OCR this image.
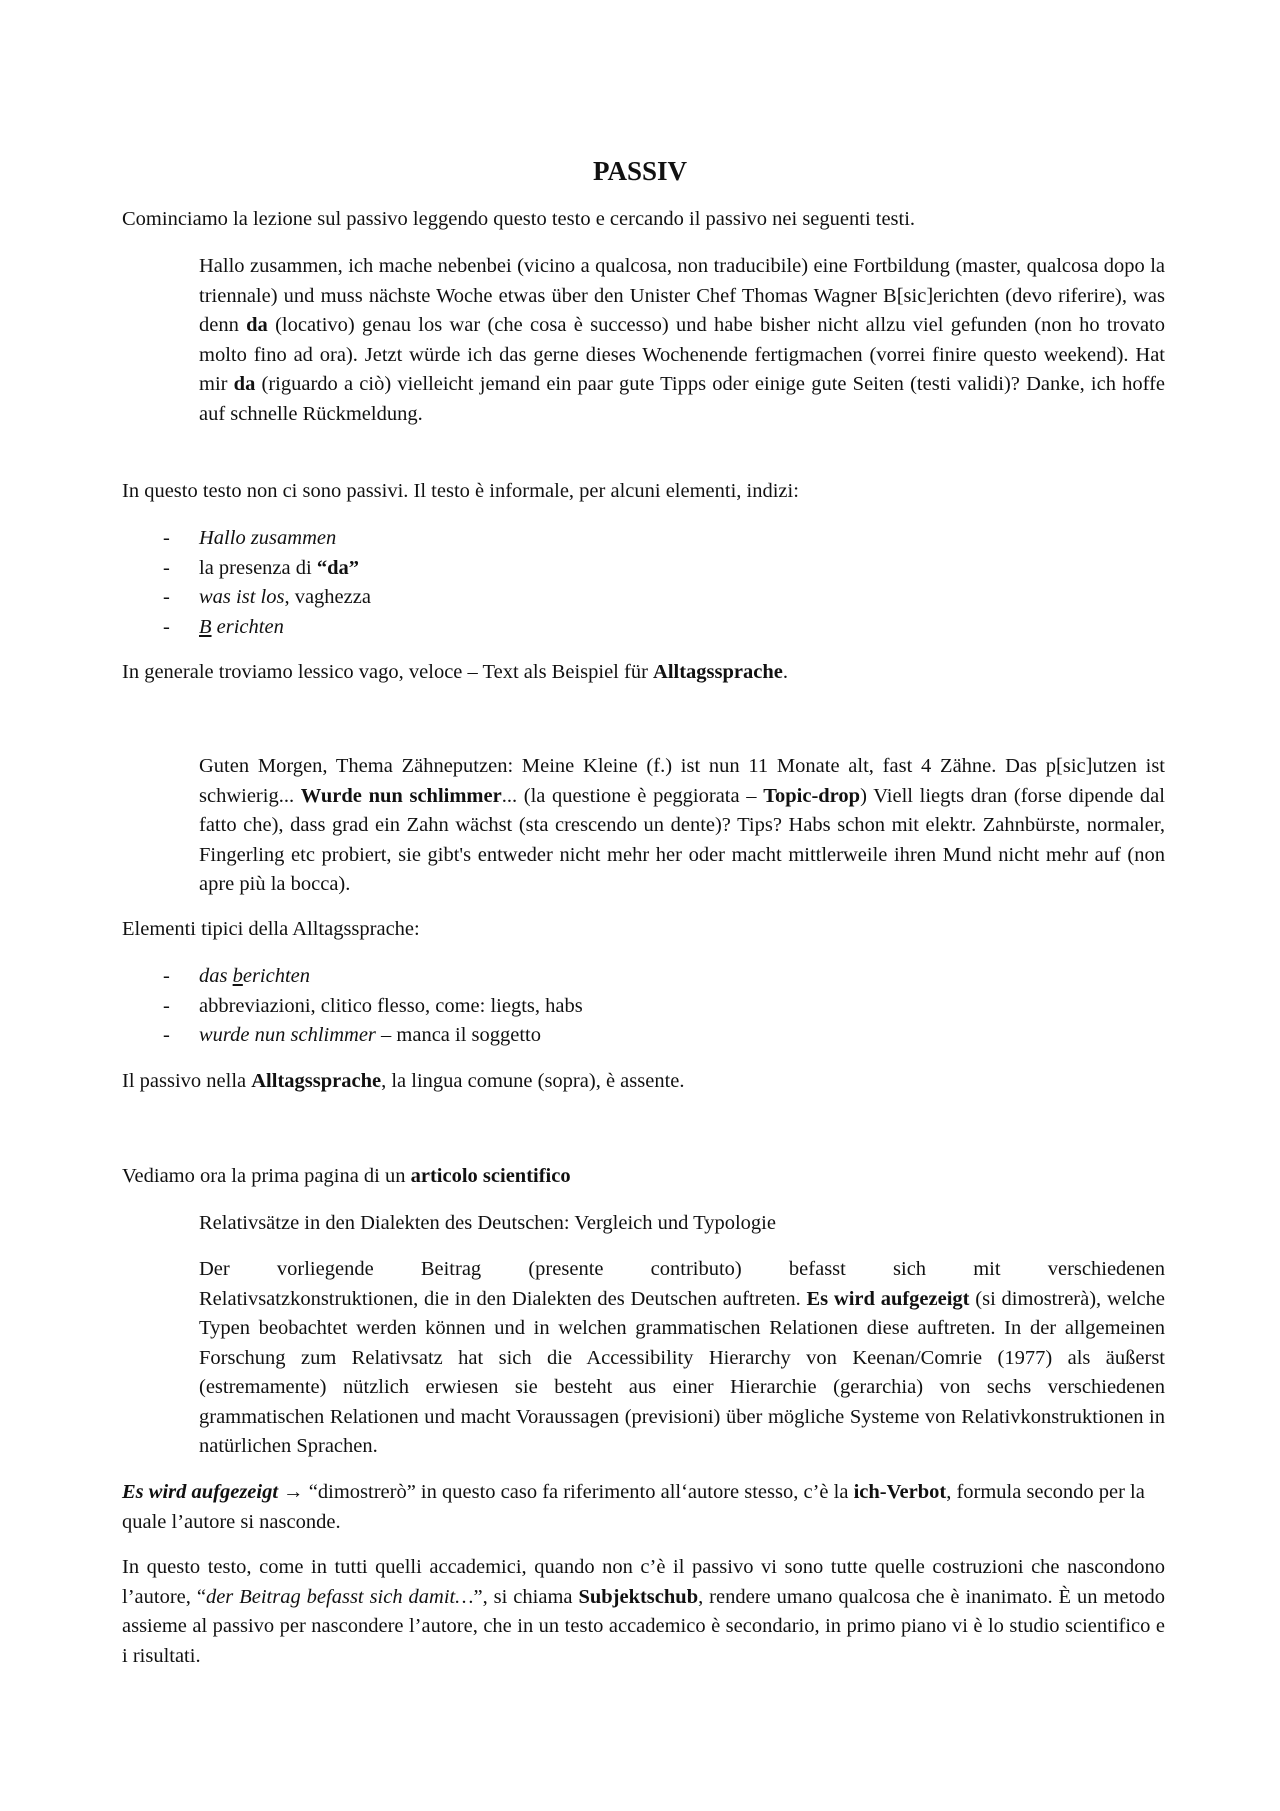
PASSIV

Cominciamo la lezione sul passivo leggendo questo testo e cercando il passivo nei seguenti testi.

Hallo zusammen, ich mache nebenbei (vicino a qualcosa, non traducibile) eine Fortbildung (master, qualcosa dopo la triennale) und muss nächste Woche etwas über den Unister Chef Thomas Wagner B[sic]erichten (devo riferire), was denn da (locativo) genau los war (che cosa è successo) und habe bisher nicht allzu viel gefunden (non ho trovato molto fino ad ora). Jetzt würde ich das gerne dieses Wochenende fertigmachen (vorrei finire questo weekend). Hat mir da (riguardo a ciò) vielleicht jemand ein paar gute Tipps oder einige gute Seiten (testi validi)? Danke, ich hoffe auf schnelle Rückmeldung.

In questo testo non ci sono passivi. Il testo è informale, per alcuni elementi, indizi:

- Hallo zusammen
- la presenza di “da”
- was ist los, vaghezza
- B erichten

In generale troviamo lessico vago, veloce – Text als Beispiel für Alltagssprache.

Guten Morgen, Thema Zähneputzen: Meine Kleine (f.) ist nun 11 Monate alt, fast 4 Zähne. Das p[sic]utzen ist schwierig... Wurde nun schlimmer... (la questione è peggiorata – Topic-drop) Viell liegts dran (forse dipende dal fatto che), dass grad ein Zahn wächst (sta crescendo un dente)? Tips? Habs schon mit elektr. Zahnbürste, normaler, Fingerling etc probiert, sie gibt's entweder nicht mehr her oder macht mittlerweile ihren Mund nicht mehr auf (non apre più la bocca).

Elementi tipici della Alltagssprache:

- das berichten
- abbreviazioni, clitico flesso, come: liegts, habs
- wurde nun schlimmer – manca il soggetto

Il passivo nella Alltagssprache, la lingua comune (sopra), è assente.

Vediamo ora la prima pagina di un articolo scientifico

Relativsätze in den Dialekten des Deutschen: Vergleich und Typologie

Der vorliegende Beitrag (presente contributo) befasst sich mit verschiedenen
Relativsatzkonstruktionen, die in den Dialekten des Deutschen auftreten. Es wird aufgezeigt (si dimostrerà), welche Typen beobachtet werden können und in welchen grammatischen Relationen diese auftreten. In der allgemeinen Forschung zum Relativsatz hat sich die Accessibility Hierarchy von Keenan/Comrie (1977) als äußerst (estremamente) nützlich erwiesen sie besteht aus einer Hierarchie (gerarchia) von sechs verschiedenen grammatischen Relationen und macht Voraussagen (previsioni) über mögliche Systeme von Relativkonstruktionen in natürlichen Sprachen.

Es wird aufgezeigt → “dimostrerò” in questo caso fa riferimento all‘autore stesso, c’è la ich-Verbot, formula secondo per la quale l’autore si nasconde.

In questo testo, come in tutti quelli accademici, quando non c’è il passivo vi sono tutte quelle costruzioni che nascondono l’autore, “der Beitrag befasst sich damit…”, si chiama Subjektschub, rendere umano qualcosa che è inanimato. È un metodo assieme al passivo per nascondere l’autore, che in un testo accademico è secondario, in primo piano vi è lo studio scientifico e i risultati.
